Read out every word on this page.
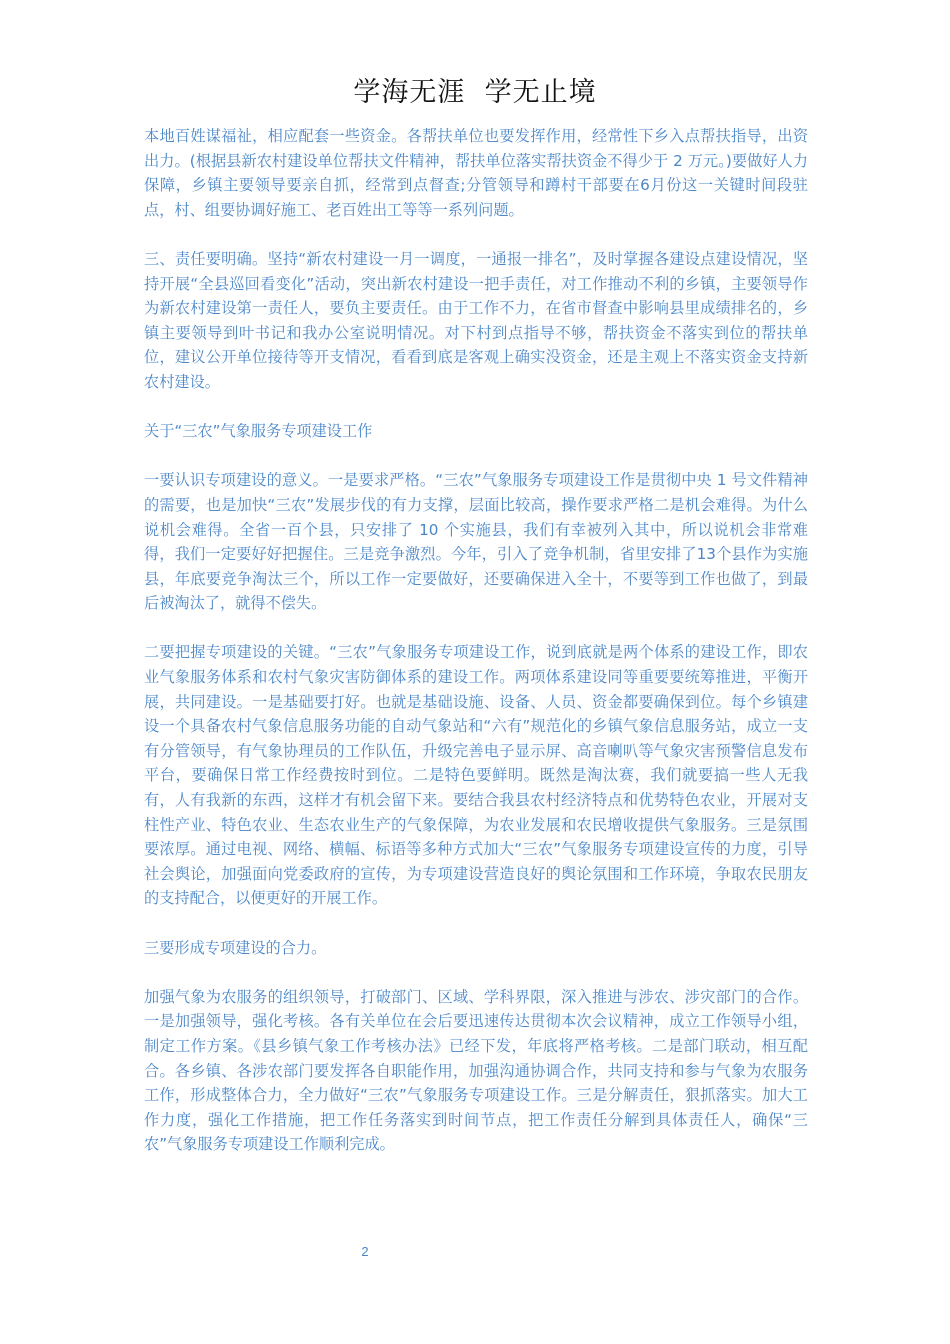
学海无涯  学无止境

本地百姓谋福祉，相应配套一些资金。各帮扶单位也要发挥作用，经常性下乡入点帮扶指导，出资出力。(根据县新农村建设单位帮扶文件精神，帮扶单位落实帮扶资金不得少于 2 万元。)要做好人力保障，乡镇主要领导要亲自抓，经常到点督查;分管领导和蹲村干部要在6月份这一关键时间段驻点，村、组要协调好施工、老百姓出工等等一系列问题。

三、责任要明确。坚持“新农村建设一月一调度，一通报一排名”，及时掌握各建设点建设情况，坚持开展“全县巡回看变化”活动，突出新农村建设一把手责任，对工作推动不利的乡镇，主要领导作为新农村建设第一责任人，要负主要责任。由于工作不力，在省市督查中影响县里成绩排名的，乡镇主要领导到叶书记和我办公室说明情况。对下村到点指导不够，帮扶资金不落实到位的帮扶单位，建议公开单位接待等开支情况，看看到底是客观上确实没资金，还是主观上不落实资金支持新农村建设。

关于“三农”气象服务专项建设工作

一要认识专项建设的意义。一是要求严格。“三农”气象服务专项建设工作是贯彻中央 1 号文件精神的需要，也是加快“三农”发展步伐的有力支撑，层面比较高，操作要求严格二是机会难得。为什么说机会难得。全省一百个县，只安排了 10 个实施县，我们有幸被列入其中，所以说机会非常难得，我们一定要好好把握住。三是竞争激烈。今年，引入了竞争机制，省里安排了13个县作为实施县，年底要竞争淘汰三个，所以工作一定要做好，还要确保进入全十，不要等到工作也做了，到最后被淘汰了，就得不偿失。

二要把握专项建设的关键。“三农”气象服务专项建设工作，说到底就是两个体系的建设工作，即农业气象服务体系和农村气象灾害防御体系的建设工作。两项体系建设同等重要要统筹推进，平衡开展，共同建设。一是基础要打好。也就是基础设施、设备、人员、资金都要确保到位。每个乡镇建设一个具备农村气象信息服务功能的自动气象站和“六有”规范化的乡镇气象信息服务站，成立一支有分管领导，有气象协理员的工作队伍，升级完善电子显示屏、高音喇叭等气象灾害预警信息发布平台，要确保日常工作经费按时到位。二是特色要鲜明。既然是淘汰赛，我们就要搞一些人无我有，人有我新的东西，这样才有机会留下来。要结合我县农村经济特点和优势特色农业，开展对支柱性产业、特色农业、生态农业生产的气象保障，为农业发展和农民增收提供气象服务。三是氛围要浓厚。通过电视、网络、横幅、标语等多种方式加大“三农”气象服务专项建设宣传的力度，引导社会舆论，加强面向党委政府的宣传，为专项建设营造良好的舆论氛围和工作环境，争取农民朋友的支持配合，以便更好的开展工作。

三要形成专项建设的合力。

加强气象为农服务的组织领导，打破部门、区域、学科界限，深入推进与涉农、涉灾部门的合作。一是加强领导，强化考核。各有关单位在会后要迅速传达贯彻本次会议精神，成立工作领导小组，制定工作方案。《县乡镇气象工作考核办法》已经下发，年底将严格考核。二是部门联动，相互配合。各乡镇、各涉农部门要发挥各自职能作用，加强沟通协调合作，共同支持和参与气象为农服务工作，形成整体合力，全力做好“三农”气象服务专项建设工作。三是分解责任，狠抓落实。加大工作力度，强化工作措施，把工作任务落实到时间节点，把工作责任分解到具体责任人，确保“三农”气象服务专项建设工作顺利完成。

2
